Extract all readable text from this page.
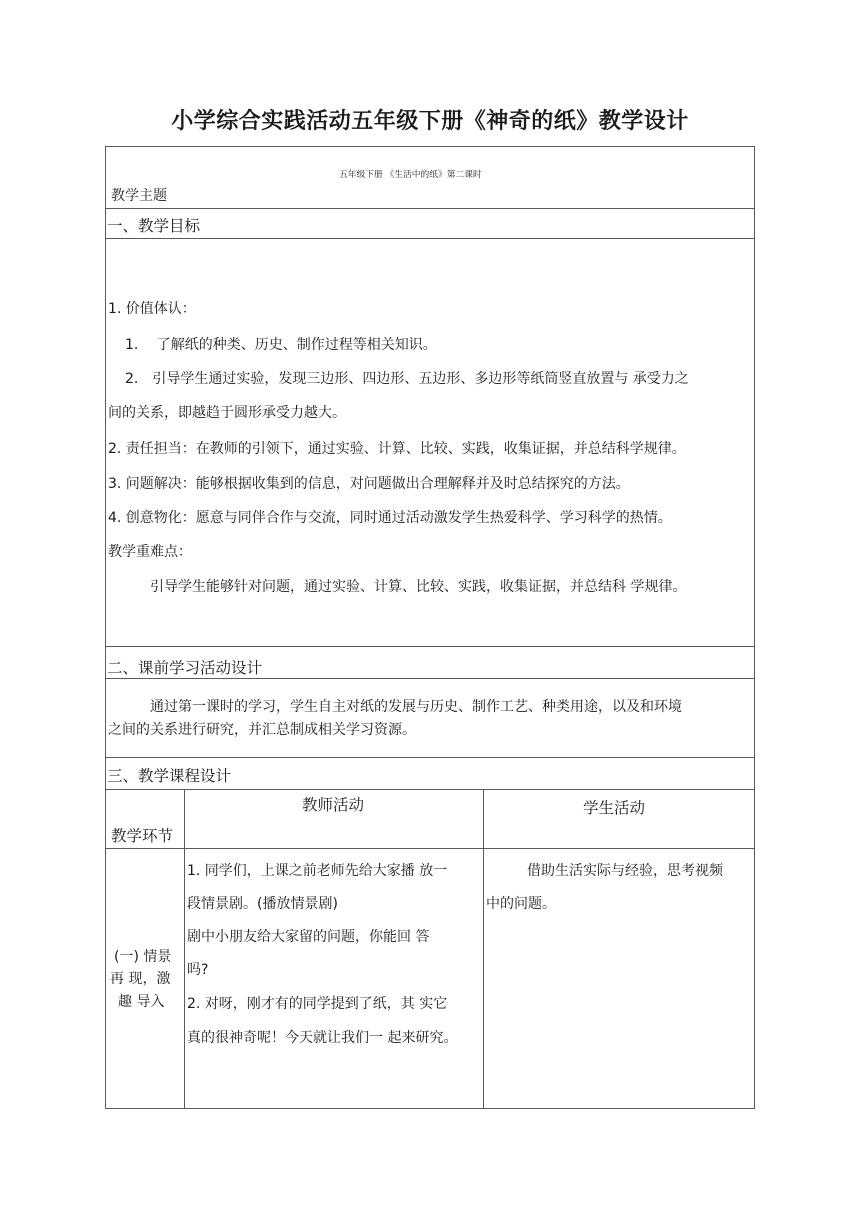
小学综合实践活动五年级下册《神奇的纸》教学设计
教学主题
五年级下册 《生活中的纸》第二课时
一、教学目标
1. 价值体认：
1.　 了解纸的种类、历史、制作过程等相关知识。
2.　引导学生通过实验，发现三边形、四边形、五边形、多边形等纸筒竖直放置与 承受力之
间的关系，即越趋于圆形承受力越大。
2. 责任担当：在教师的引领下，通过实验、计算、比较、实践，收集证据，并总结科学规律。
3. 问题解决：能够根据收集到的信息，对问题做出合理解释并及时总结探究的方法。
4. 创意物化：愿意与同伴合作与交流，同时通过活动激发学生热爱科学、学习科学的热情。
教学重难点：
引导学生能够针对问题，通过实验、计算、比较、实践，收集证据，并总结科 学规律。
二、课前学习活动设计
通过第一课时的学习，学生自主对纸的发展与历史、制作工艺、种类用途，以及和环境
之间的关系进行研究，并汇总制成相关学习资源。
三、教学课程设计
教学环节
教师活动	学生活动
(一) 情景
再 现，激
趣 导入
1. 同学们，上课之前老师先给大家播 放一
段情景剧。(播放情景剧)
剧中小朋友给大家留的问题，你能回 答
吗?
2. 对呀，刚才有的同学提到了纸，其 实它
真的很神奇呢！今天就让我们一 起来研究。
借助生活实际与经验，思考视频
中的问题。
